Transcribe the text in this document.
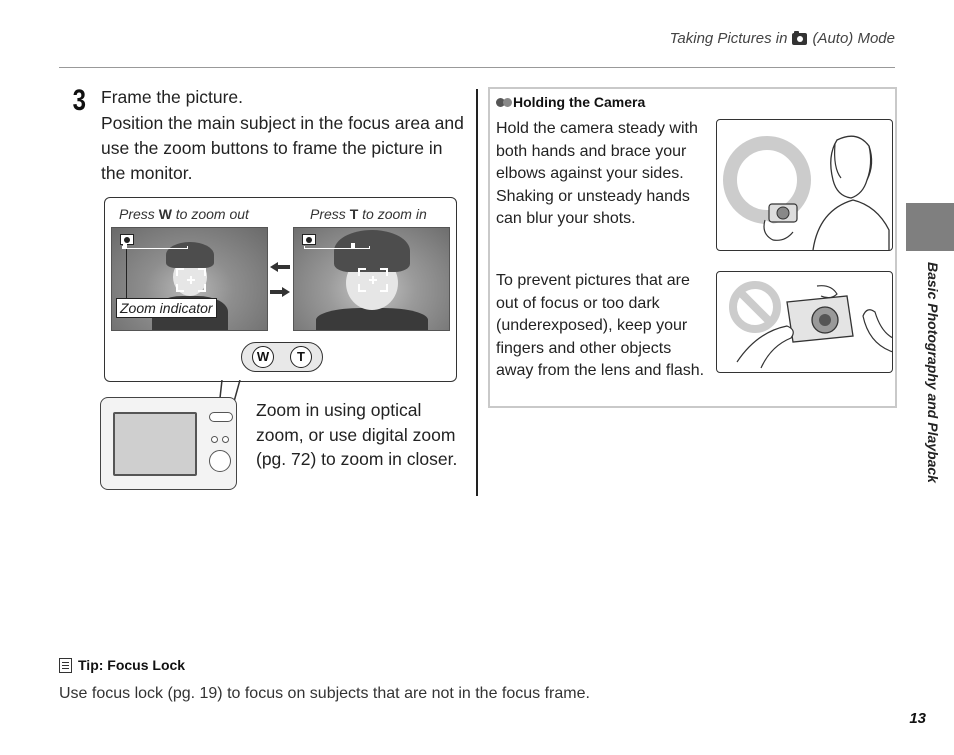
Taking Pictures in (Auto) Mode
3 Frame the picture.
Position the main subject in the focus area and use the zoom buttons to frame the picture in the monitor.
Press W to zoom out	Press T to zoom in
Zoom indicator
W	T
Zoom in using optical zoom, or use digital zoom (pg. 72) to zoom in closer.
Holding the Camera
Hold the camera steady with both hands and brace your elbows against your sides. Shaking or unsteady hands can blur your shots.
To prevent pictures that are out of focus or too dark (underexposed), keep your fingers and other objects away from the lens and flash.	Basic Photography and Playback
Tip: Focus Lock
Use focus lock (pg. 19) to focus on subjects that are not in the focus frame.
13
